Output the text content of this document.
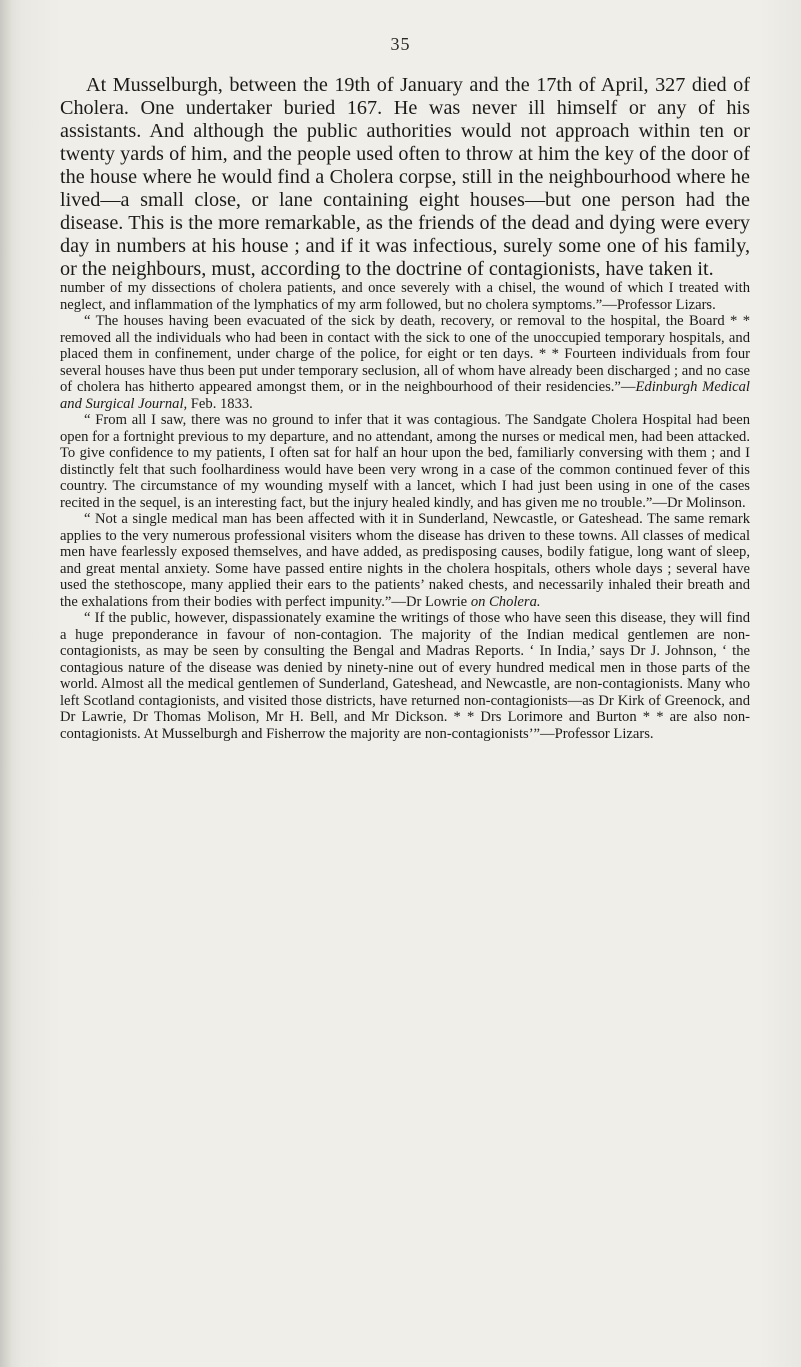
35

At Musselburgh, between the 19th of January and the 17th of April, 327 died of Cholera. One undertaker buried 167. He was never ill himself or any of his assistants. And although the public authorities would not approach within ten or twenty yards of him, and the people used often to throw at him the key of the door of the house where he would find a Cholera corpse, still in the neighbourhood where he lived—a small close, or lane containing eight houses—but one person had the disease. This is the more remarkable, as the friends of the dead and dying were every day in numbers at his house ; and if it was infectious, surely some one of his family, or the neighbours, must, according to the doctrine of contagionists, have taken it.

number of my dissections of cholera patients, and once severely with a chisel, the wound of which I treated with neglect, and inflammation of the lymphatics of my arm followed, but no cholera symptoms.”—Professor Lizars.

“ The houses having been evacuated of the sick by death, recovery, or removal to the hospital, the Board * * removed all the individuals who had been in contact with the sick to one of the unoccupied temporary hospitals, and placed them in confinement, under charge of the police, for eight or ten days. * * Fourteen individuals from four several houses have thus been put under temporary seclusion, all of whom have already been discharged ; and no case of cholera has hitherto appeared amongst them, or in the neighbourhood of their residencies.”—Edinburgh Medical and Surgical Journal, Feb. 1833.

“ From all I saw, there was no ground to infer that it was contagious. The Sandgate Cholera Hospital had been open for a fortnight previous to my departure, and no attendant, among the nurses or medical men, had been attacked. To give confidence to my patients, I often sat for half an hour upon the bed, familiarly conversing with them ; and I distinctly felt that such foolhardiness would have been very wrong in a case of the common continued fever of this country. The circumstance of my wounding myself with a lancet, which I had just been using in one of the cases recited in the sequel, is an interesting fact, but the injury healed kindly, and has given me no trouble.”—Dr Molinson.

“ Not a single medical man has been affected with it in Sunderland, Newcastle, or Gateshead. The same remark applies to the very numerous professional visiters whom the disease has driven to these towns. All classes of medical men have fearlessly exposed themselves, and have added, as predisposing causes, bodily fatigue, long want of sleep, and great mental anxiety. Some have passed entire nights in the cholera hospitals, others whole days ; several have used the stethoscope, many applied their ears to the patients’ naked chests, and necessarily inhaled their breath and the exhalations from their bodies with perfect impunity.”—Dr Lowrie on Cholera.

“ If the public, however, dispassionately examine the writings of those who have seen this disease, they will find a huge preponderance in favour of non-contagion. The majority of the Indian medical gentlemen are non-contagionists, as may be seen by consulting the Bengal and Madras Reports. ‘ In India,’ says Dr J. Johnson, ‘ the contagious nature of the disease was denied by ninety-nine out of every hundred medical men in those parts of the world. Almost all the medical gentlemen of Sunderland, Gateshead, and Newcastle, are non-contagionists. Many who left Scotland contagionists, and visited those districts, have returned non-contagionists—as Dr Kirk of Greenock, and Dr Lawrie, Dr Thomas Molison, Mr H. Bell, and Mr Dickson. * * Drs Lorimore and Burton * * are also non-contagionists. At Musselburgh and Fisherrow the majority are non-contagionists’”—Professor Lizars.
